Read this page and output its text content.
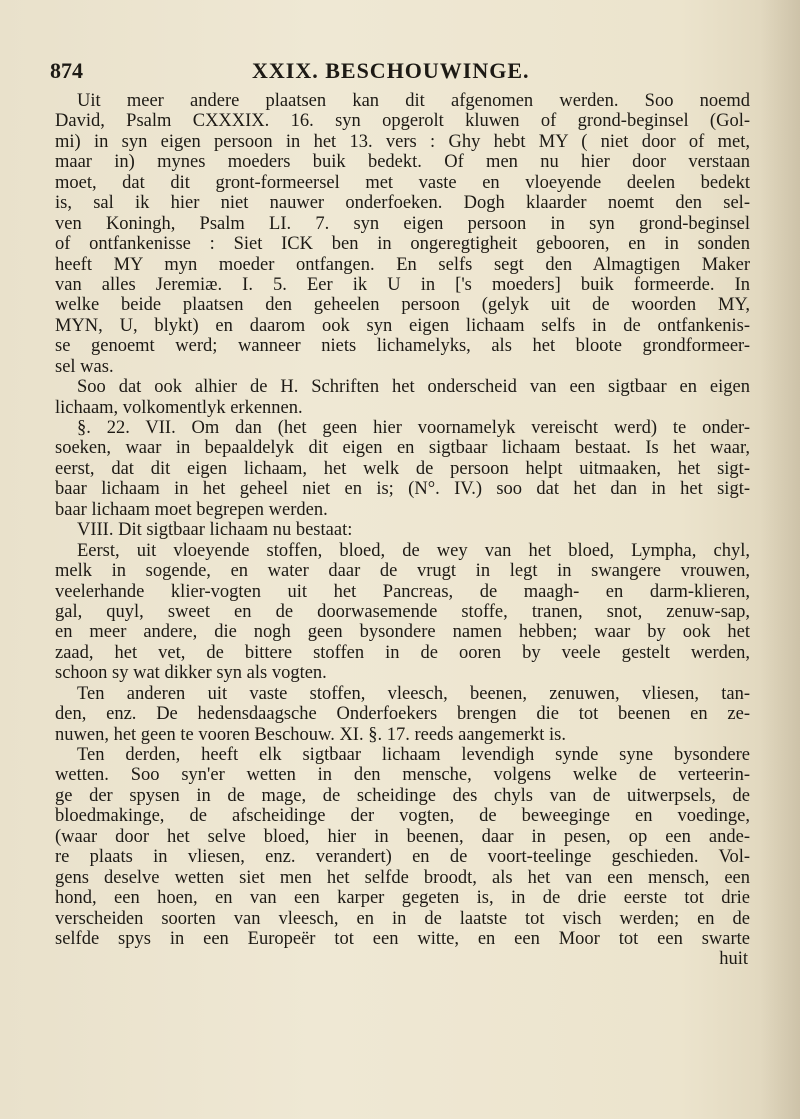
874	XXIX. BESCHOUWINGE.
Uit meer andere plaatsen kan dit afgenomen werden. Soo noemd
David, Psalm CXXXIX. 16. syn opgerolt kluwen of grond-beginsel (Gol-
mi) in syn eigen persoon in het 13. vers : Ghy hebt MY ( niet door of met,
maar in) mynes moeders buik bedekt. Of men nu hier door verstaan
moet, dat dit gront-formeersel met vaste en vloeyende deelen bedekt
is, sal ik hier niet nauwer onderfoeken. Dogh klaarder noemt den sel-
ven Koningh, Psalm LI. 7. syn eigen persoon in syn grond-beginsel
of ontfankenisse : Siet ICK ben in ongeregtigheit gebooren, en in sonden
heeft MY myn moeder ontfangen. En selfs segt den Almagtigen Maker
van alles Jeremiæ. I. 5. Eer ik U in ['s moeders] buik formeerde. In
welke beide plaatsen den geheelen persoon (gelyk uit de woorden MY,
MYN, U, blykt) en daarom ook syn eigen lichaam selfs in de ontfankenis-
se genoemt werd; wanneer niets lichamelyks, als het bloote grondformeer-
sel was.
Soo dat ook alhier de H. Schriften het onderscheid van een sigtbaar en eigen
lichaam, volkomentlyk erkennen.
§. 22. VII. Om dan (het geen hier voornamelyk vereischt werd) te onder-
soeken, waar in bepaaldelyk dit eigen en sigtbaar lichaam bestaat. Is het waar,
eerst, dat dit eigen lichaam, het welk de persoon helpt uitmaaken, het sigt-
baar lichaam in het geheel niet en is; (N°. IV.) soo dat het dan in het sigt-
baar lichaam moet begrepen werden.
VIII. Dit sigtbaar lichaam nu bestaat:
Eerst, uit vloeyende stoffen, bloed, de wey van het bloed, Lympha, chyl,
melk in sogende, en water daar de vrugt in legt in swangere vrouwen,
veelerhande klier-vogten uit het Pancreas, de maagh- en darm-klieren,
gal, quyl, sweet en de doorwasemende stoffe, tranen, snot, zenuw-sap,
en meer andere, die nogh geen bysondere namen hebben; waar by ook het
zaad, het vet, de bittere stoffen in de ooren by veele gestelt werden,
schoon sy wat dikker syn als vogten.
Ten anderen uit vaste stoffen, vleesch, beenen, zenuwen, vliesen, tan-
den, enz. De hedensdaagsche Onderfoekers brengen die tot beenen en ze-
nuwen, het geen te vooren Beschouw. XI. §. 17. reeds aangemerkt is.
Ten derden, heeft elk sigtbaar lichaam levendigh synde syne bysondere
wetten. Soo syn'er wetten in den mensche, volgens welke de verteerin-
ge der spysen in de mage, de scheidinge des chyls van de uitwerpsels, de
bloedmakinge, de afscheidinge der vogten, de beweeginge en voedinge,
(waar door het selve bloed, hier in beenen, daar in pesen, op een ande-
re plaats in vliesen, enz. verandert) en de voort-teelinge geschieden. Vol-
gens deselve wetten siet men het selfde broodt, als het van een mensch, een
hond, een hoen, en van een karper gegeten is, in de drie eerste tot drie
verscheiden soorten van vleesch, en in de laatste tot visch werden; en de
selfde spys in een Europeër tot een witte, en een Moor tot een swarte
huit
